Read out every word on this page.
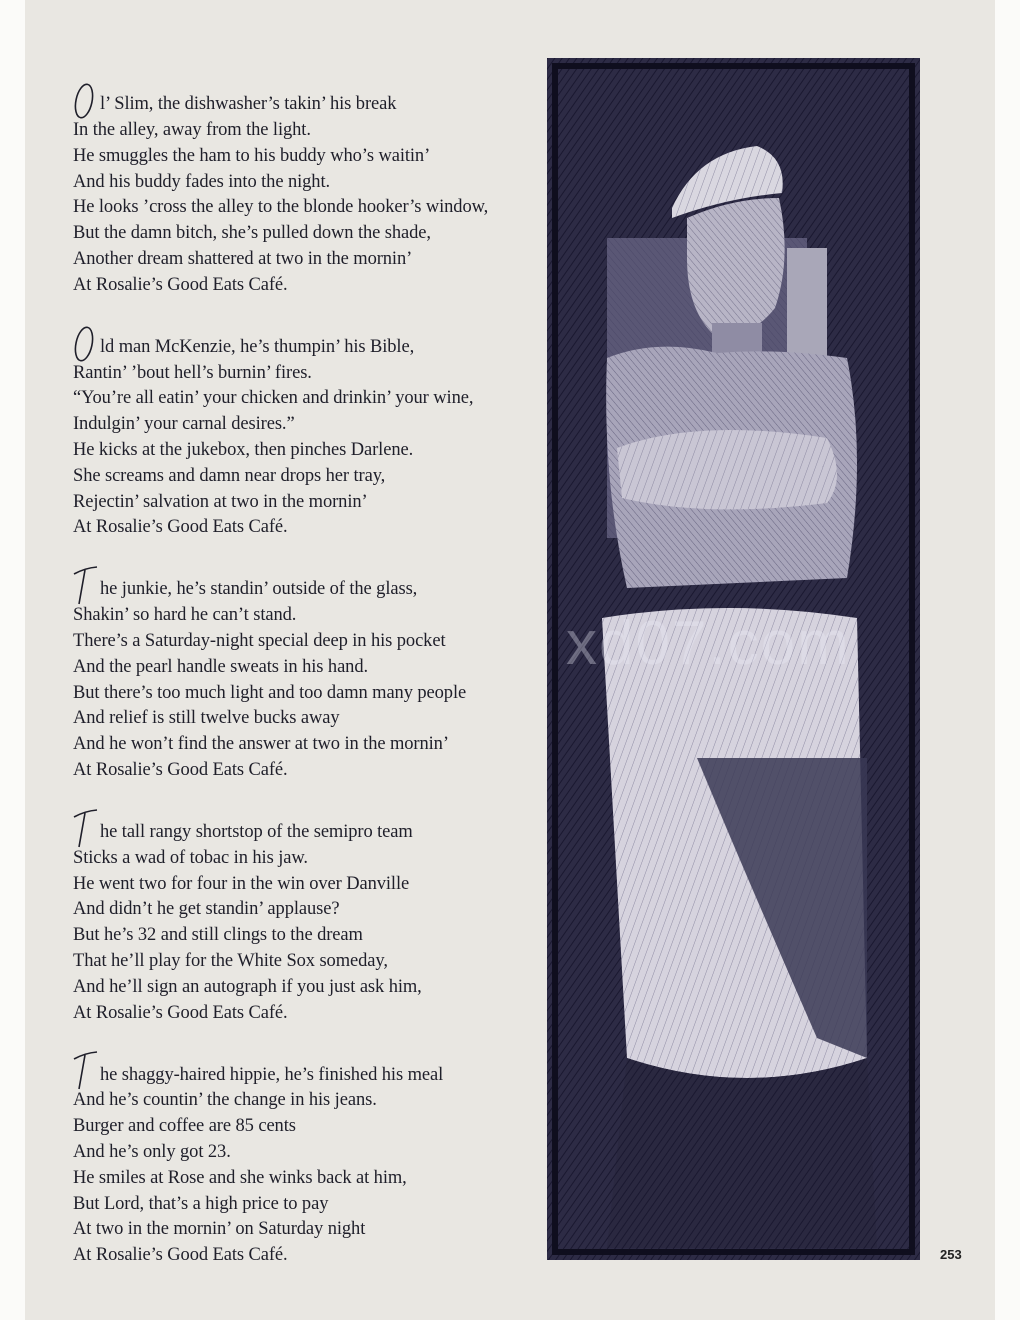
l’ Slim, the dishwasher’s takin’ his break
In the alley, away from the light.
He smuggles the ham to his buddy who’s waitin’
And his buddy fades into the night.
He looks ’cross the alley to the blonde hooker’s window,
But the damn bitch, she’s pulled down the shade,
Another dream shattered at two in the mornin’
At Rosalie’s Good Eats Café.
ld man McKenzie, he’s thumpin’ his Bible,
Rantin’ ’bout hell’s burnin’ fires.
“You’re all eatin’ your chicken and drinkin’ your wine,
Indulgin’ your carnal desires.”
He kicks at the jukebox, then pinches Darlene.
She screams and damn near drops her tray,
Rejectin’ salvation at two in the mornin’
At Rosalie’s Good Eats Café.
he junkie, he’s standin’ outside of the glass,
Shakin’ so hard he can’t stand.
There’s a Saturday-night special deep in his pocket
And the pearl handle sweats in his hand.
But there’s too much light and too damn many people
And relief is still twelve bucks away
And he won’t find the answer at two in the mornin’
At Rosalie’s Good Eats Café.
he tall rangy shortstop of the semipro team
Sticks a wad of tobac in his jaw.
He went two for four in the win over Danville
And didn’t he get standin’ applause?
But he’s 32 and still clings to the dream
That he’ll play for the White Sox someday,
And he’ll sign an autograph if you just ask him,
At Rosalie’s Good Eats Café.
he shaggy-haired hippie, he’s finished his meal
And he’s countin’ the change in his jeans.
Burger and coffee are 85 cents
And he’s only got 23.
He smiles at Rose and she winks back at him,
But Lord, that’s a high price to pay
At two in the mornin’ on Saturday night
At Rosalie’s Good Eats Café.
xd07.com
253
